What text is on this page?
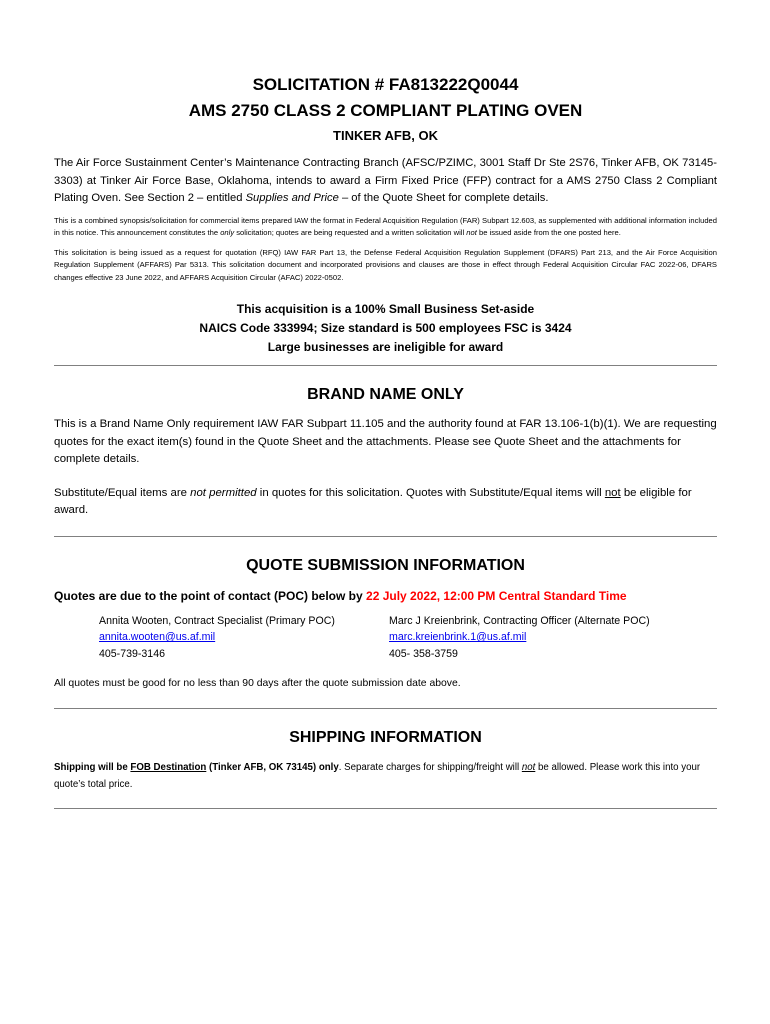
SOLICITATION # FA813222Q0044
AMS 2750 CLASS 2 COMPLIANT PLATING OVEN

TINKER AFB, OK

The Air Force Sustainment Center’s Maintenance Contracting Branch (AFSC/PZIMC, 3001 Staff Dr Ste 2S76, Tinker AFB, OK 73145-3303) at Tinker Air Force Base, Oklahoma, intends to award a Firm Fixed Price (FFP) contract for a AMS 2750 Class 2 Compliant Plating Oven. See Section 2 – entitled Supplies and Price – of the Quote Sheet for complete details.

This is a combined synopsis/solicitation for commercial items prepared IAW the format in Federal Acquisition Regulation (FAR) Subpart 12.603, as supplemented with additional information included in this notice. This announcement constitutes the only solicitation; quotes are being requested and a written solicitation will not be issued aside from the one posted here.

This solicitation is being issued as a request for quotation (RFQ) IAW FAR Part 13, the Defense Federal Acquisition Regulation Supplement (DFARS) Part 213, and the Air Force Acquisition Regulation Supplement (AFFARS) Par 5313. This solicitation document and incorporated provisions and clauses are those in effect through Federal Acquisition Circular FAC 2022-06, DFARS changes effective 23 June 2022, and AFFARS Acquisition Circular (AFAC) 2022-0502.

This acquisition is a 100% Small Business Set-aside
NAICS Code 333994; Size standard is 500 employees FSC is 3424
Large businesses are ineligible for award
BRAND NAME ONLY

This is a Brand Name Only requirement IAW FAR Subpart 11.105 and the authority found at FAR 13.106-1(b)(1). We are requesting quotes for the exact item(s) found in the Quote Sheet and the attachments. Please see Quote Sheet and the attachments for complete details.

Substitute/Equal items are not permitted in quotes for this solicitation. Quotes with Substitute/Equal items will not be eligible for award.

QUOTE SUBMISSION INFORMATION

Quotes are due to the point of contact (POC) below by 22 July 2022, 12:00 PM Central Standard Time

Annita Wooten, Contract Specialist (Primary POC)
annita.wooten@us.af.mil
405-739-3146
Marc J Kreienbrink, Contracting Officer (Alternate POC)
marc.kreienbrink.1@us.af.mil
405- 358-3759

All quotes must be good for no less than 90 days after the quote submission date above.

SHIPPING INFORMATION

Shipping will be FOB Destination (Tinker AFB, OK 73145) only. Separate charges for shipping/freight will not be allowed. Please work this into your quote’s total price.
